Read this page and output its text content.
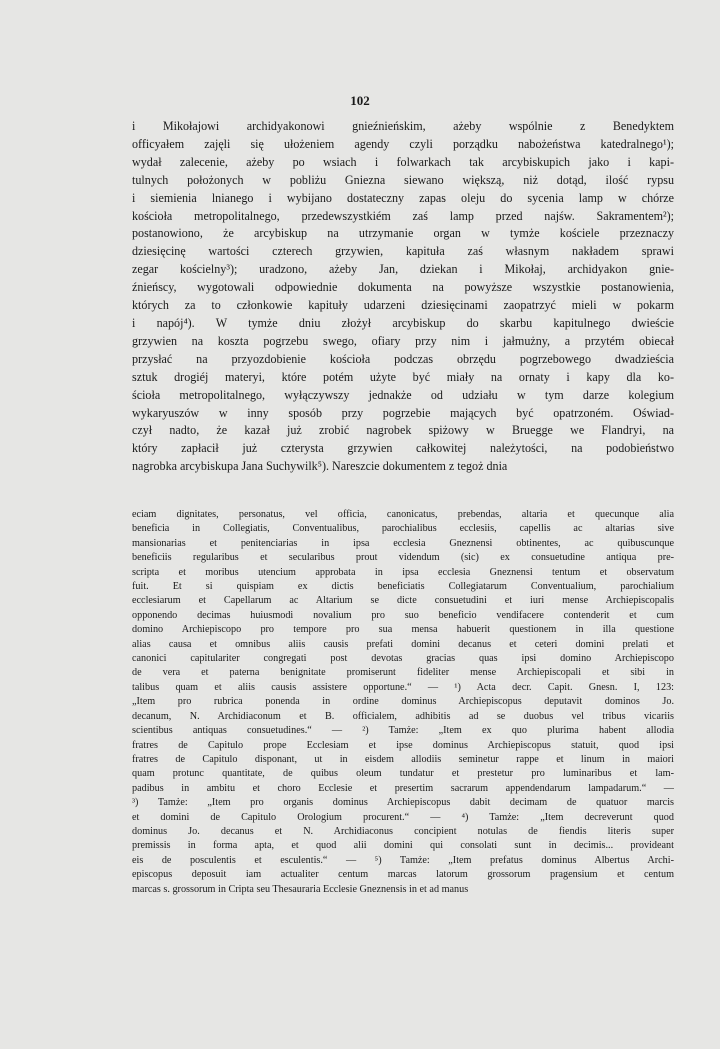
102
i Mikołajowi archidyakonowi gnieźnieńskim, ażeby wspólnie z Benedyktem
officyałem zajęli się ułożeniem agendy czyli porządku nabożeństwa katedralnego¹);
wydał zalecenie, ażeby po wsiach i folwarkach tak arcybiskupich jako i kapi-
tulnych położonych w pobliżu Gniezna siewano większą, niż dotąd, ilość rypsu
i siemienia lnianego i wybijano dostateczny zapas oleju do sycenia lamp w chórze
kościoła metropolitalnego, przedewszystkiém zaś lamp przed najśw. Sakramentem²);
postanowiono, że arcybiskup na utrzymanie organ w tymże kościele przeznaczy
dziesięcinę wartości czterech grzywien, kapituła zaś własnym nakładem sprawi
zegar kościelny³); uradzono, ażeby Jan, dziekan i Mikołaj, archidyakon gnie-
źnieńscy, wygotowali odpowiednie dokumenta na powyższe wszystkie postanowienia,
których za to członkowie kapituły udarzeni dziesięcinami zaopatrzyć mieli w pokarm
i napój⁴). W tymże dniu złożył arcybiskup do skarbu kapitulnego dwieście
grzywien na koszta pogrzebu swego, ofiary przy nim i jałmużny, a przytém obiecał
przysłać na przyozdobienie kościoła podczas obrzędu pogrzebowego dwadzieścia
sztuk drogiéj materyi, które potém użyte być miały na ornaty i kapy dla ko-
ścioła metropolitalnego, wyłączywszy jednakże od udziału w tym darze kolegium
wykaryuszów w inny sposób przy pogrzebie mających być opatrzoném. Oświad-
czył nadto, że kazał już zrobić nagrobek spiżowy w Bruegge we Flandryi, na
który zapłacił już czterysta grzywien całkowitej należytości, na podobieństwo
nagrobka arcybiskupa Jana Suchywilk⁵). Nareszcie dokumentem z tegoż dnia
eciam dignitates, personatus, vel officia, canonicatus, prebendas, altaria et quecunque alia
beneficia in Collegiatis, Conventualibus, parochialibus ecclesiis, capellis ac altarias sive
mansionarias et penitenciarias in ipsa ecclesia Gneznensi obtinentes, ac quibuscunque
beneficiis regularibus et secularibus prout videndum (sic) ex consuetudine antiqua pre-
scripta et moribus utencium approbata in ipsa ecclesia Gneznensi tentum et observatum
fuit. Et si quispiam ex dictis beneficiatis Collegiatarum Conventualium, parochialium
ecclesiarum et Capellarum ac Altarium se dicte consuetudini et iuri mense Archiepiscopalis
opponendo decimas huiusmodi novalium pro suo beneficio vendifacere contenderit et cum
domino Archiepiscopo pro tempore pro sua mensa habuerit questionem in illa questione
alias causa et omnibus aliis causis prefati domini decanus et ceteri domini prelati et
canonici capitulariter congregati post devotas gracias quas ipsi domino Archiepiscopo
de vera et paterna benignitate promiserunt fideliter mense Archiepiscopali et sibi in
talibus quam et aliis causis assistere opportune.“ — ¹) Acta decr. Capit. Gnesn. I, 123:
„Item pro rubrica ponenda in ordine dominus Archiepiscopus deputavit dominos Jo.
decanum, N. Archidiaconum et B. officialem, adhibitis ad se duobus vel tribus vicariis
scientibus antiquas consuetudines.“ — ²) Tamże: „Item ex quo plurima habent allodia
fratres de Capitulo prope Ecclesiam et ipse dominus Archiepiscopus statuit, quod ipsi
fratres de Capitulo disponant, ut in eisdem allodiis seminetur rappe et linum in maiori
quam protunc quantitate, de quibus oleum tundatur et prestetur pro luminaribus et lam-
padibus in ambitu et choro Ecclesie et presertim sacrarum appendendarum lampadarum.“ —
³) Tamże: „Item pro organis dominus Archiepiscopus dabit decimam de quatuor marcis
et domini de Capitulo Orologium procurent.“ — ⁴) Tamże: „Item decreverunt quod
dominus Jo. decanus et N. Archidiaconus concipient notulas de fiendis literis super
premissis in forma apta, et quod alii domini qui consolati sunt in decimis... provideant
eis de posculentis et esculentis.“ — ⁵) Tamże: „Item prefatus dominus Albertus Archi-
episcopus deposuit iam actualiter centum marcas latorum grossorum pragensium et centum
marcas s. grossorum in Cripta seu Thesauraria Ecclesie Gneznensis in et ad manus
